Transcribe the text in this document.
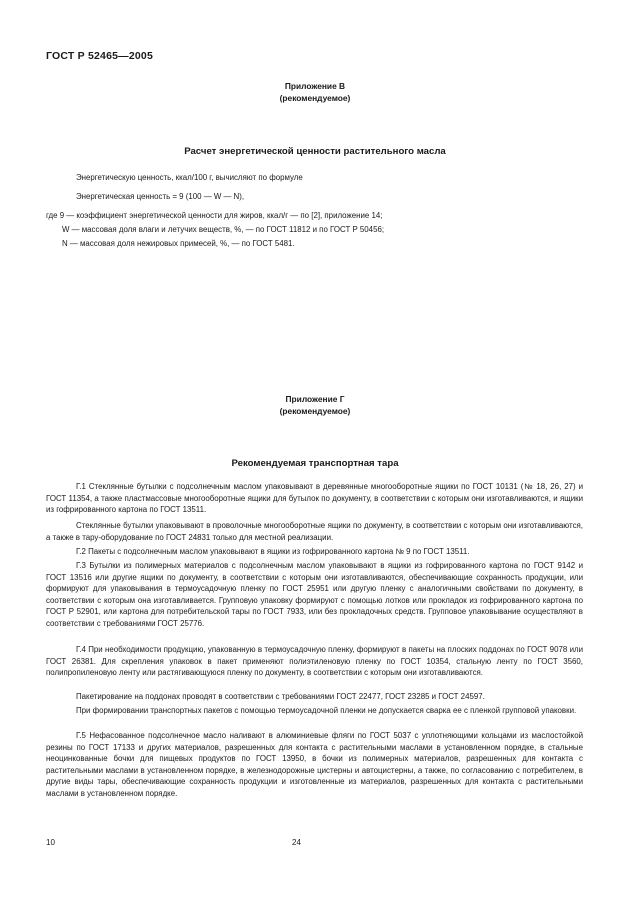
ГОСТ Р 52465—2005
Приложение В
(рекомендуемое)
Расчет энергетической ценности растительного масла
Энергетическую ценность, ккал/100 г, вычисляют по формуле
Энергетическая ценность = 9 (100 — W — N),
где 9 — коэффициент энергетической ценности для жиров, ккал/г — по [2], приложение 14;
W — массовая доля влаги и летучих веществ, %, — по ГОСТ 11812 и по ГОСТ Р 50456;
N — массовая доля нежировых примесей, %, — по ГОСТ 5481.
Приложение Г
(рекомендуемое)
Рекомендуемая транспортная тара
Г.1 Стеклянные бутылки с подсолнечным маслом упаковывают в деревянные многооборотные ящики по ГОСТ 10131 (№ 18, 26, 27) и ГОСТ 11354, а также пластмассовые многооборотные ящики для бутылок по документу, в соответствии с которым они изготавливаются, и ящики из гофрированного картона по ГОСТ 13511.
Стеклянные бутылки упаковывают в проволочные многооборотные ящики по документу, в соответствии с которым они изготавливаются, а также в тару-оборудование по ГОСТ 24831 только для местной реализации.
Г.2 Пакеты с подсолнечным маслом упаковывают в ящики из гофрированного картона № 9 по ГОСТ 13511.
Г.3 Бутылки из полимерных материалов с подсолнечным маслом упаковывают в ящики из гофрированного картона по ГОСТ 9142 и ГОСТ 13516 или другие ящики по документу, в соответствии с которым они изготавливаются, обеспечивающие сохранность продукции, или формируют для упаковывания в термоусадочную пленку по ГОСТ 25951 или другую пленку с аналогичными свойствами по документу, в соответствии с которым она изготавливается. Групповую упаковку формируют с помощью лотков или прокладок из гофрированного картона по ГОСТ Р 52901, или картона для потребительской тары по ГОСТ 7933, или без прокладочных средств. Групповое упаковывание осуществляют в соответствии с требованиями ГОСТ 25776.
Г.4 При необходимости продукцию, упакованную в термоусадочную пленку, формируют в пакеты на плоских поддонах по ГОСТ 9078 или ГОСТ 26381. Для скрепления упаковок в пакет применяют полиэтиленовую пленку по ГОСТ 10354, стальную ленту по ГОСТ 3560, полипропиленовую ленту или растягивающуюся пленку по документу, в соответствии с которым они изготавливаются.
Пакетирование на поддонах проводят в соответствии с требованиями ГОСТ 22477, ГОСТ 23285 и ГОСТ 24597.
При формировании транспортных пакетов с помощью термоусадочной пленки не допускается сварка ее с пленкой групповой упаковки.
Г.5 Нефасованное подсолнечное масло наливают в алюминиевые фляги по ГОСТ 5037 с уплотняющими кольцами из маслостойкой резины по ГОСТ 17133 и других материалов, разрешенных для контакта с растительными маслами в установленном порядке, в стальные неоцинкованные бочки для пищевых продуктов по ГОСТ 13950, в бочки из полимерных материалов, разрешенных для контакта с растительными маслами в установленном порядке, в железнодорожные цистерны и автоцистерны, а также, по согласованию с потребителем, в другие виды тары, обеспечивающие сохранность продукции и изготовленные из материалов, разрешенных для контакта с растительными маслами в установленном порядке.
10	24
